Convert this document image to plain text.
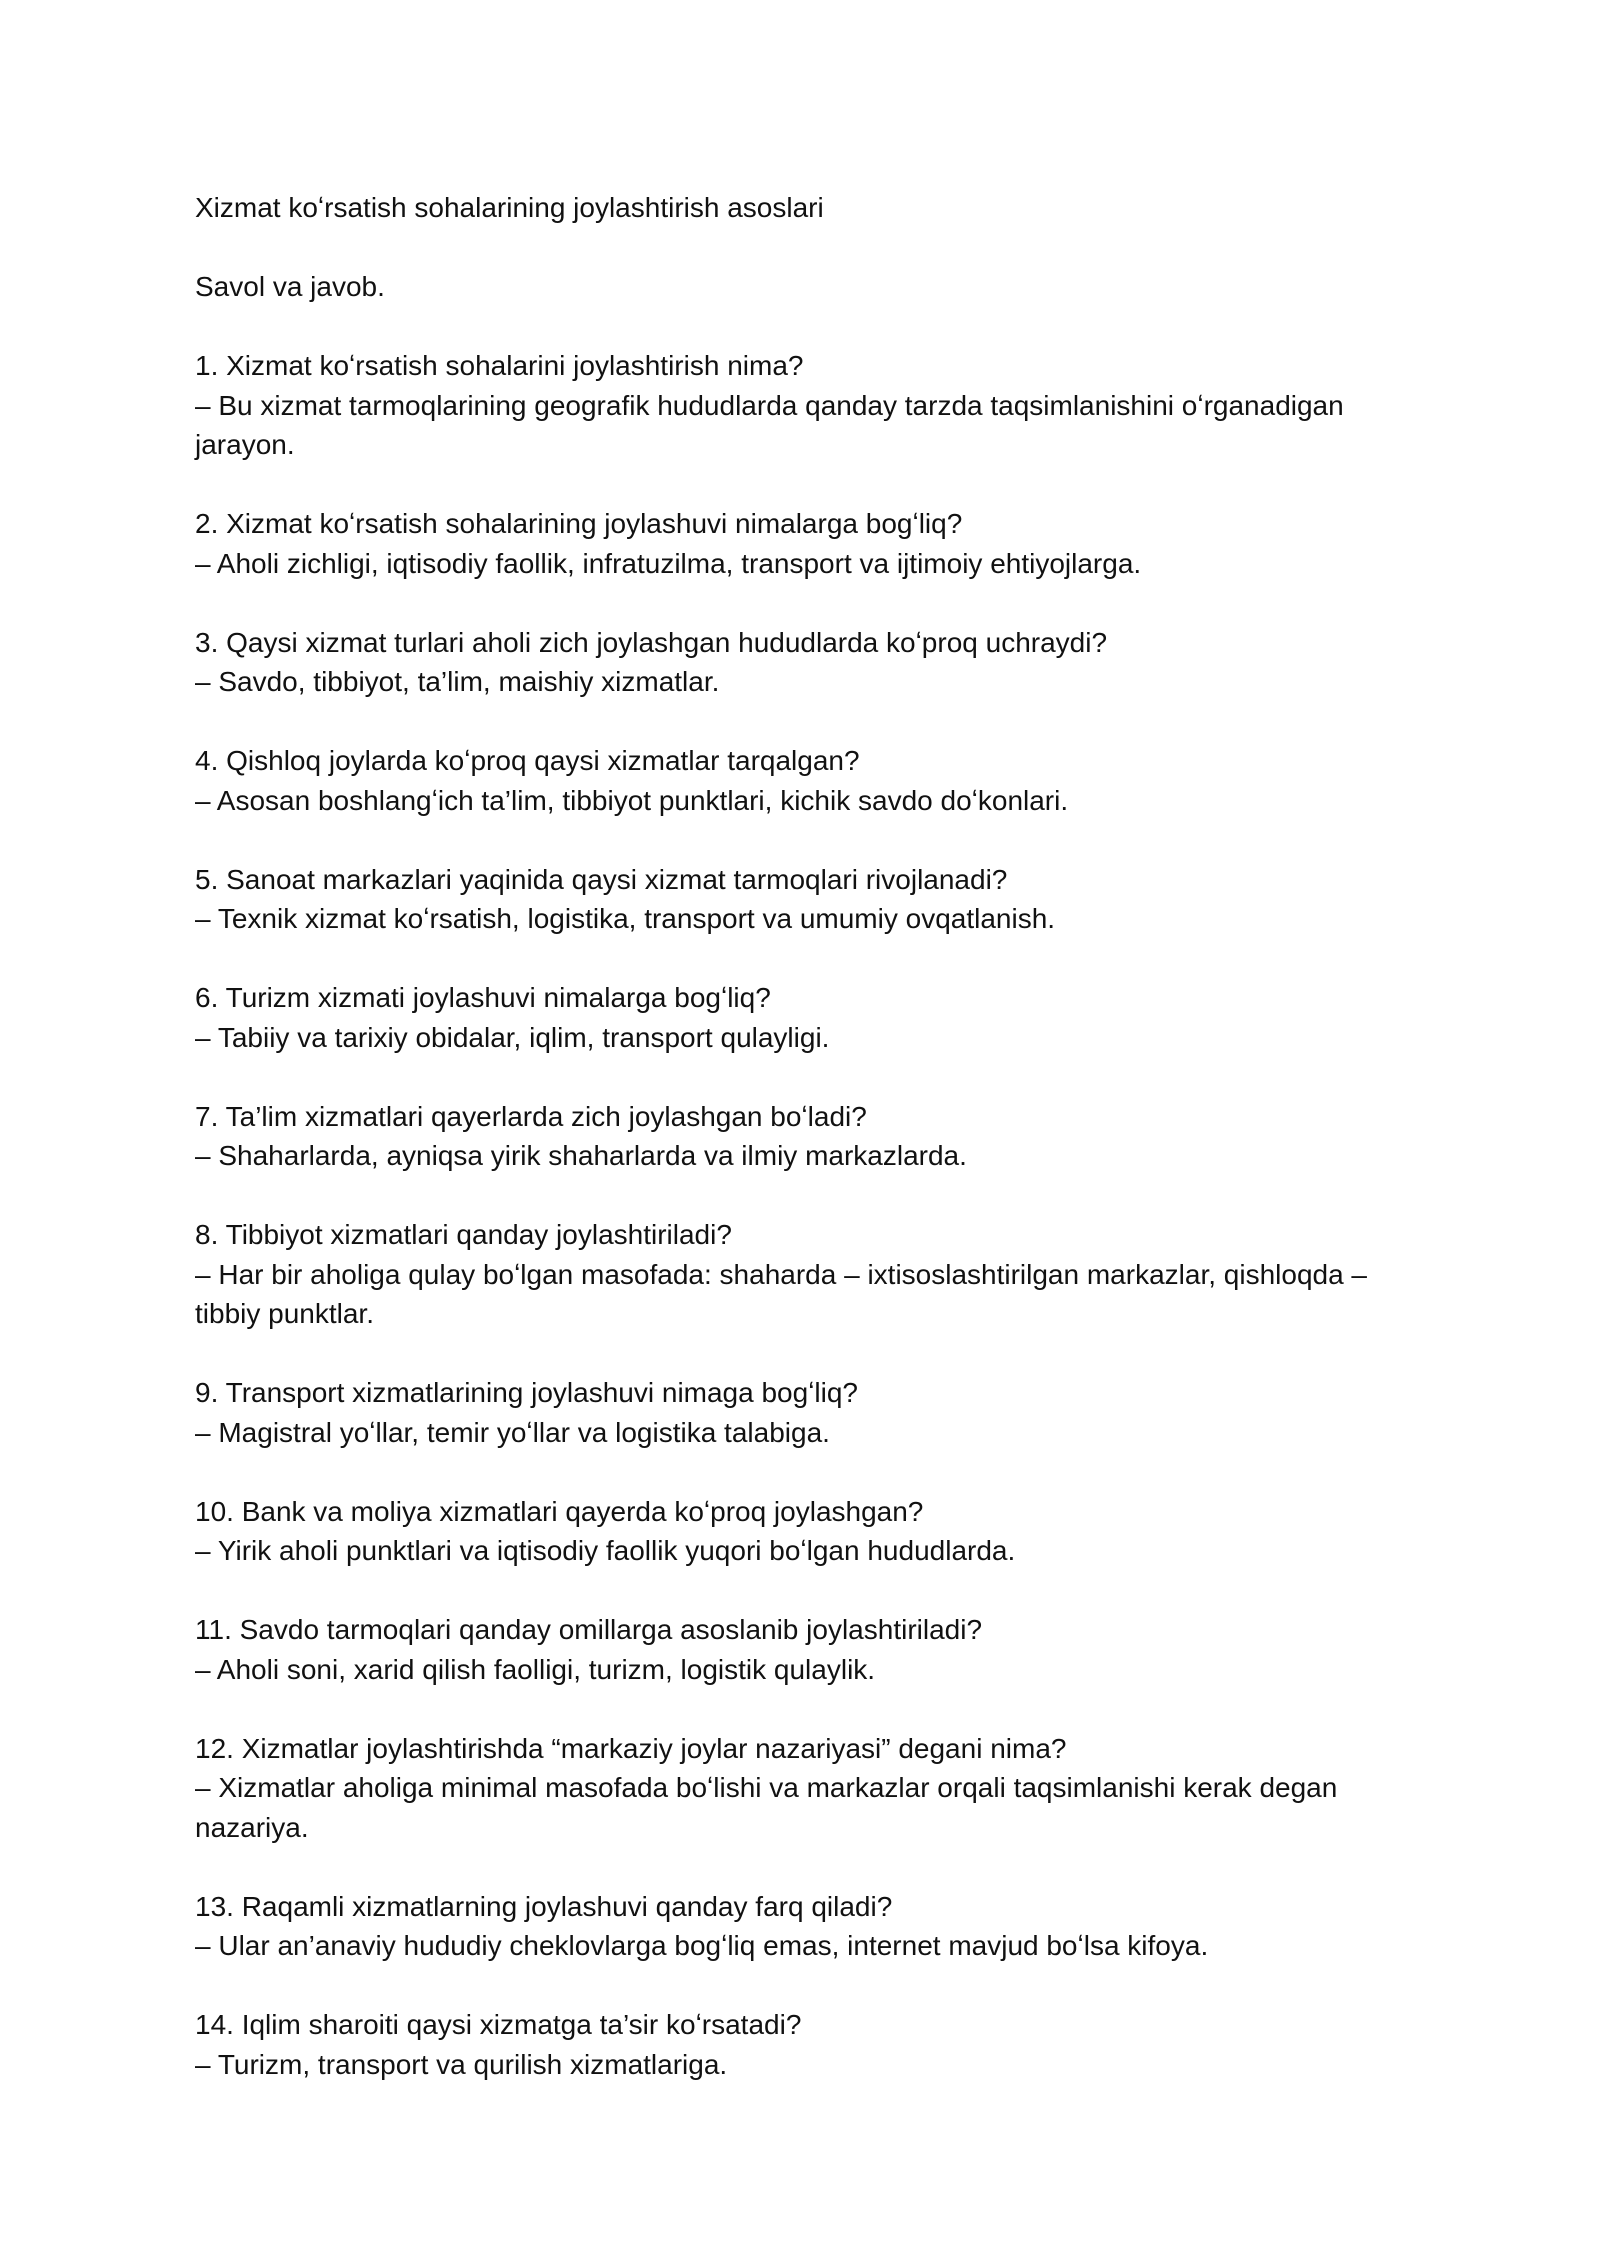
Xizmat koʻrsatish sohalarining joylashtirish asoslari

Savol va javob.

1. Xizmat koʻrsatish sohalarini joylashtirish nima?

– Bu xizmat tarmoqlarining geografik hududlarda qanday tarzda taqsimlanishini oʻrganadigan jarayon.

2. Xizmat koʻrsatish sohalarining joylashuvi nimalarga bogʻliq?

– Aholi zichligi, iqtisodiy faollik, infratuzilma, transport va ijtimoiy ehtiyojlarga.

3. Qaysi xizmat turlari aholi zich joylashgan hududlarda koʻproq uchraydi?

– Savdo, tibbiyot, ta’lim, maishiy xizmatlar.

4. Qishloq joylarda koʻproq qaysi xizmatlar tarqalgan?

– Asosan boshlangʻich ta’lim, tibbiyot punktlari, kichik savdo doʻkonlari.

5. Sanoat markazlari yaqinida qaysi xizmat tarmoqlari rivojlanadi?

– Texnik xizmat koʻrsatish, logistika, transport va umumiy ovqatlanish.

6. Turizm xizmati joylashuvi nimalarga bogʻliq?

– Tabiiy va tarixiy obidalar, iqlim, transport qulayligi.

7. Ta’lim xizmatlari qayerlarda zich joylashgan boʻladi?

– Shaharlarda, ayniqsa yirik shaharlarda va ilmiy markazlarda.

8. Tibbiyot xizmatlari qanday joylashtiriladi?

– Har bir aholiga qulay boʻlgan masofada: shaharda – ixtisoslashtirilgan markazlar, qishloqda – tibbiy punktlar.

9. Transport xizmatlarining joylashuvi nimaga bogʻliq?

– Magistral yoʻllar, temir yoʻllar va logistika talabiga.

10. Bank va moliya xizmatlari qayerda koʻproq joylashgan?

– Yirik aholi punktlari va iqtisodiy faollik yuqori boʻlgan hududlarda.

11. Savdo tarmoqlari qanday omillarga asoslanib joylashtiriladi?

– Aholi soni, xarid qilish faolligi, turizm, logistik qulaylik.

12. Xizmatlar joylashtirishda “markaziy joylar nazariyasi” degani nima?

– Xizmatlar aholiga minimal masofada boʻlishi va markazlar orqali taqsimlanishi kerak degan nazariya.

13. Raqamli xizmatlarning joylashuvi qanday farq qiladi?

– Ular an’anaviy hududiy cheklovlarga bogʻliq emas, internet mavjud boʻlsa kifoya.

14. Iqlim sharoiti qaysi xizmatga ta’sir koʻrsatadi?

– Turizm, transport va qurilish xizmatlariga.
